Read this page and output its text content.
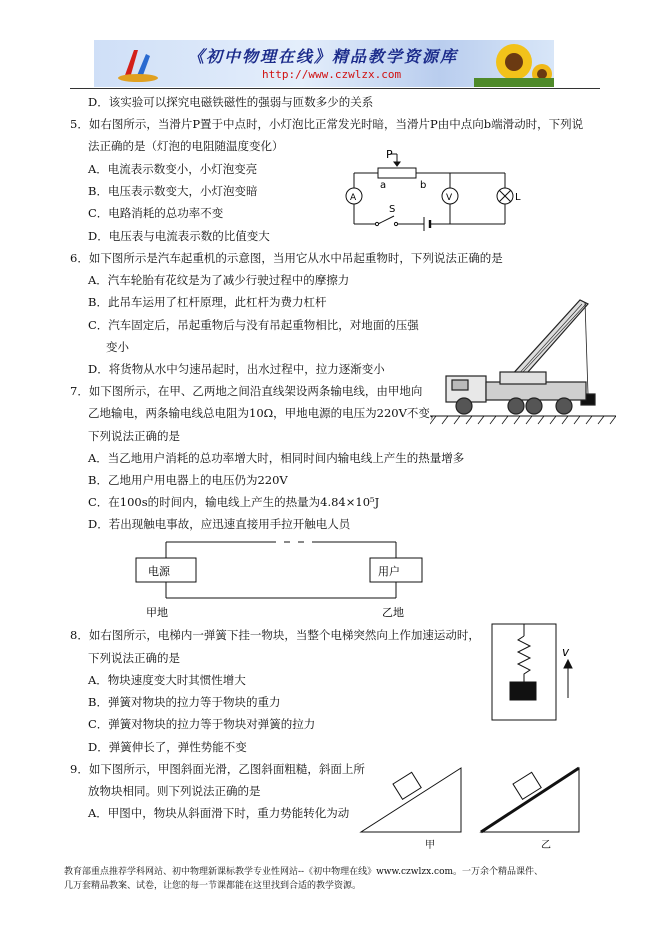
《初中物理在线》精品教学资源库
http://www.czwlzx.com
D．该实验可以探究电磁铁磁性的强弱与匝数多少的关系
5．如右图所示，当滑片P置于中点时，小灯泡比正常发光时暗，当滑片P由中点向b端滑动时，下列说
法正确的是（灯泡的电阻随温度变化）
A．电流表示数变小，小灯泡变亮
B．电压表示数变大，小灯泡变暗
C．电路消耗的总功率不变
D．电压表与电流表示数的比值变大
6．如下图所示是汽车起重机的示意图，当用它从水中吊起重物时，下列说法正确的是
A．汽车轮胎有花纹是为了减少行驶过程中的摩擦力
B．此吊车运用了杠杆原理，此杠杆为费力杠杆
C．汽车固定后，吊起重物后与没有吊起重物相比，对地面的压强
变小
D．将货物从水中匀速吊起时，出水过程中，拉力逐渐变小
7．如下图所示，在甲、乙两地之间沿直线架设两条输电线，由甲地向
乙地输电，两条输电线总电阻为10Ω，甲地电源的电压为220V不变，
下列说法正确的是
A．当乙地用户消耗的总功率增大时，相同时间内输电线上产生的热量增多
B．乙地用户用电器上的电压仍为220V
C．在100s的时间内，输电线上产生的热量为4.84×10⁵J
D．若出现触电事故，应迅速直接用手拉开触电人员
8．如右图所示，电梯内一弹簧下挂一物块，当整个电梯突然向上作加速运动时，
下列说法正确的是
A．物块速度变大时其惯性增大
B．弹簧对物块的拉力等于物块的重力
C．弹簧对物块的拉力等于物块对弹簧的拉力
D．弹簧伸长了，弹性势能不变
9．如下图所示，甲图斜面光滑，乙图斜面粗糙，斜面上所
放物块相同。则下列说法正确的是
A．甲图中，物块从斜面滑下时，重力势能转化为动
P
a	b
S
L
A	V
电源	用户
甲地	乙地
v
甲	乙
教育部重点推荐学科网站、初中物理新课标教学专业性网站--《初中物理在线》www.czwlzx.com。一万余个精品课件、
几万套精品教案、试卷，让您的每一节课都能在这里找到合适的教学资源。
